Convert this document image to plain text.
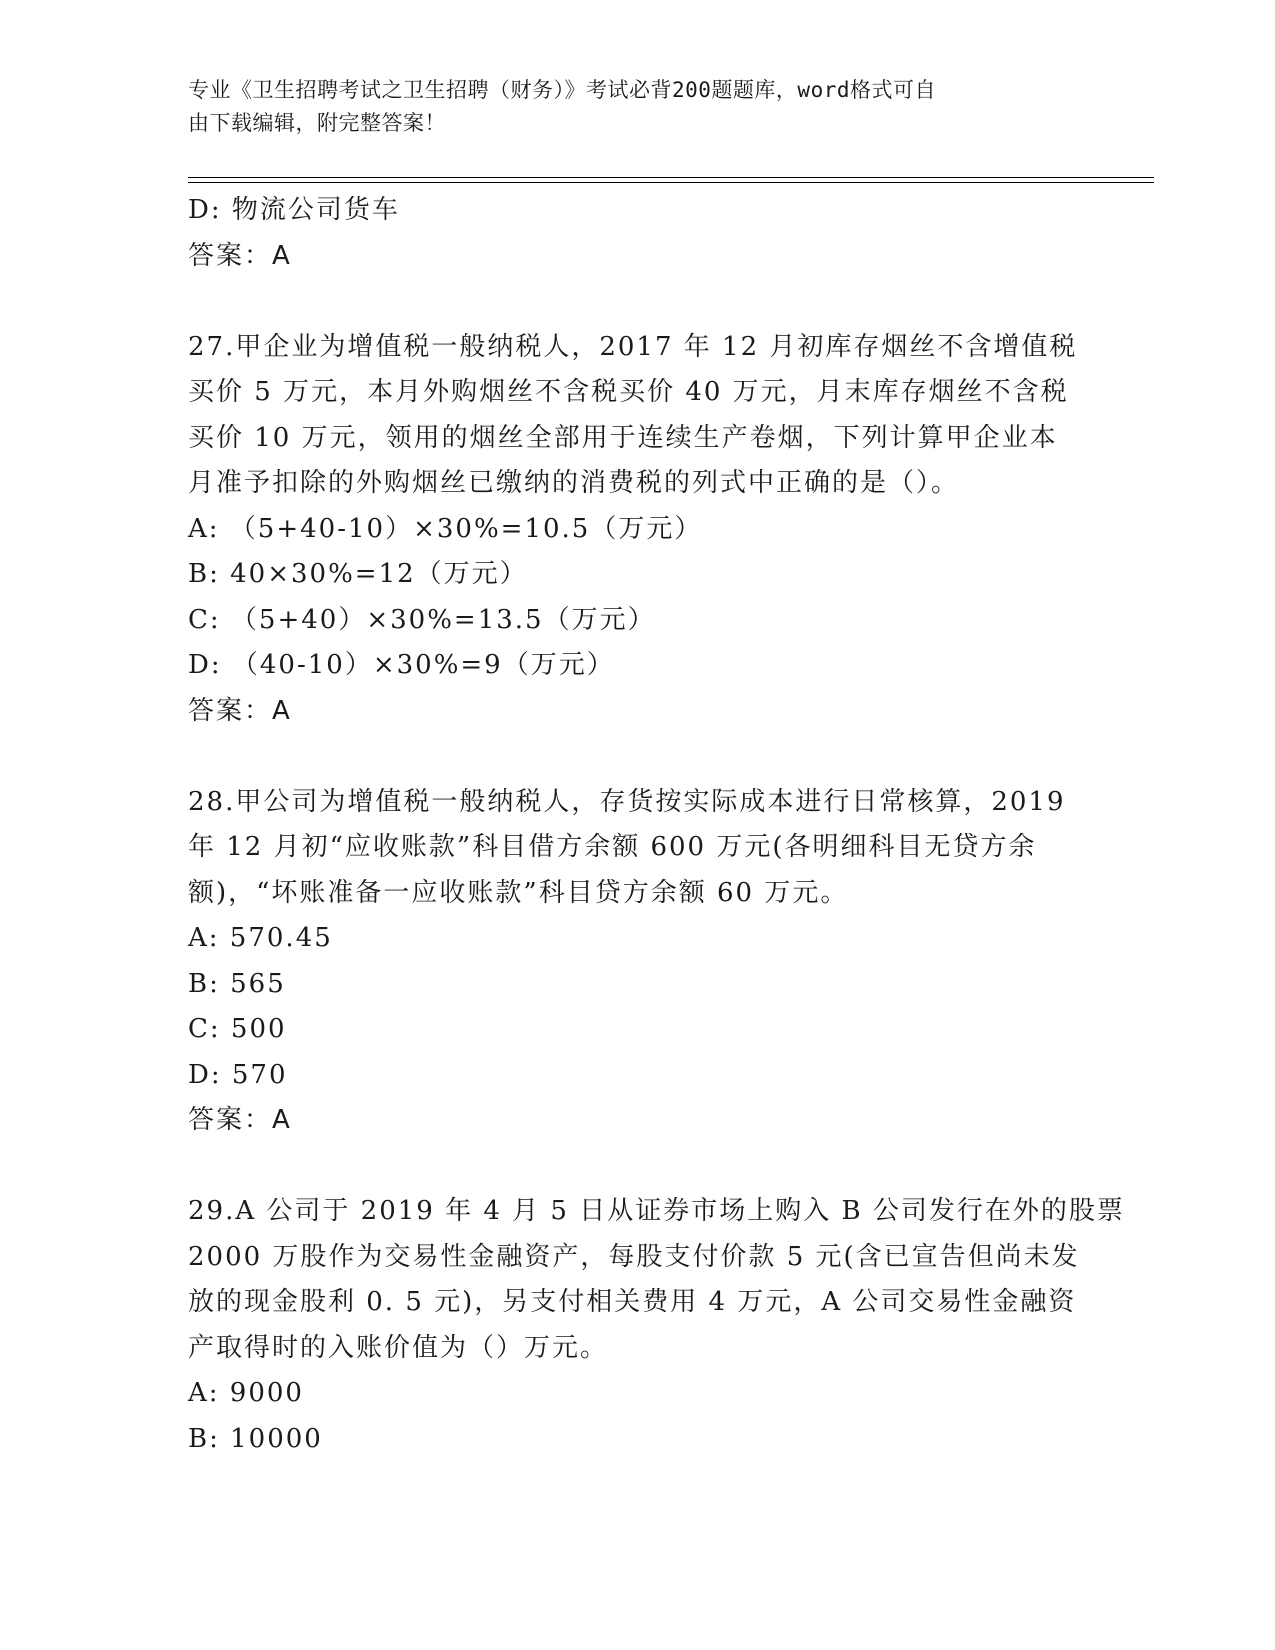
专业《卫生招聘考试之卫生招聘（财务）》考试必背200题题库，word格式可自
由下载编辑，附完整答案！
D: 物流公司货车
答案：A
27.甲企业为增值税一般纳税人，2017 年 12 月初库存烟丝不含增值税
买价 5 万元，本月外购烟丝不含税买价 40 万元，月末库存烟丝不含税
买价 10 万元，领用的烟丝全部用于连续生产卷烟，下列计算甲企业本
月准予扣除的外购烟丝已缴纳的消费税的列式中正确的是（）。
A: （5+40-10）×30%=10.5（万元）
B: 40×30%=12（万元）
C: （5+40）×30%=13.5（万元）
D: （40-10）×30%=9（万元）
答案：A
28.甲公司为增值税一般纳税人，存货按实际成本进行日常核算，2019
年 12 月初“应收账款”科目借方余额 600 万元(各明细科目无贷方余
额)，“坏账准备一应收账款”科目贷方余额 60 万元。
A: 570.45
B: 565
C: 500
D: 570
答案：A
29.A 公司于 2019 年 4 月 5 日从证券市场上购入 B 公司发行在外的股票
2000 万股作为交易性金融资产，每股支付价款 5 元(含已宣告但尚未发
放的现金股利 0. 5 元)，另支付相关费用 4 万元，A 公司交易性金融资
产取得时的入账价值为（）万元。
A: 9000
B: 10000
